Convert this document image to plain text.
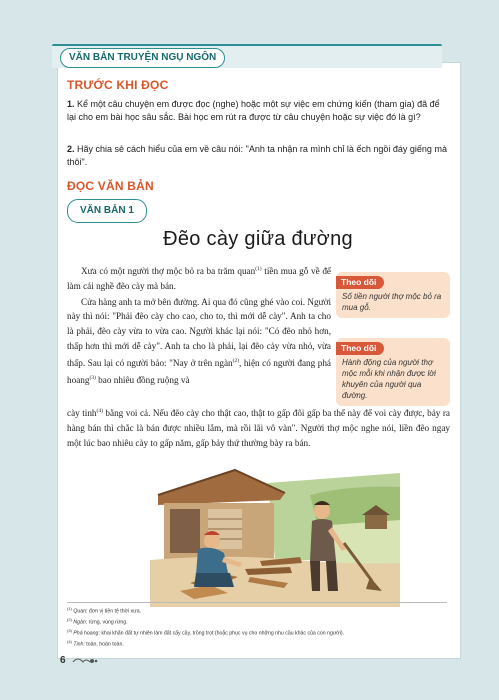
VĂN BẢN TRUYỆN NGỤ NGÔN
TRƯỚC KHI ĐỌC
1. Kể một câu chuyện em được đọc (nghe) hoặc một sự việc em chứng kiến (tham gia) đã để lại cho em bài học sâu sắc. Bài học em rút ra được từ câu chuyện hoặc sự việc đó là gì?
2. Hãy chia sẻ cách hiểu của em về câu nói: "Anh ta nhận ra mình chỉ là ếch ngồi đáy giếng mà thôi".
ĐỌC VĂN BẢN
VĂN BẢN 1
Đẽo cày giữa đường

Xưa có một người thợ mộc bỏ ra ba trăm quan$^{(1)}$ tiền mua gỗ về để làm cái nghề đẽo cày mà bán.

Cửa hàng anh ta mở bên đường. Ai qua đó cũng ghé vào coi. Người này thì nói: "Phải đẽo cày cho cao, cho to, thì mới dễ cày". Anh ta cho là phải, đẽo cày vừa to vừa cao. Người khác lại nói: "Có đẽo nhỏ hơn, thấp hơn thì mới dễ cày". Anh ta cho là phải, lại đẽo cày vừa nhỏ, vừa thấp. Sau lại có người bảo: "Nay ở trên ngàn$^{(2)}$, hiện có người đang phá hoang$^{(3)}$ bao nhiêu đồng ruộng và

cày tinh$^{(4)}$ bằng voi cả. Nếu đẽo cày cho thật cao, thật to gấp đôi gấp ba thế này để voi cày được, bảy ra hàng bán thì chắc là bán được nhiều lắm, mà rồi lãi vô vàn". Người thợ mộc nghe nói, liền đẽo ngay một lúc bao nhiêu cày to gấp năm, gấp bảy thứ thường bày ra bán.

Theo dõi
Số tiền người thợ mộc bỏ ra mua gỗ.
Theo dõi
Hành động của người thợ mộc mỗi khi nhận được lời khuyên của người qua đường.
$^{(1)}$ Quan: đơn vị tiền tệ thời xưa.
$^{(2)}$ Ngàn: rừng, vùng rừng.
$^{(3)}$ Phá hoang: khai khẩn đất tự nhiên làm đất cấy cầy, trồng trọt (hoặc phục vụ cho những nhu cầu khác của con người).
$^{(4)}$ Tinh: toàn, hoàn toàn.
6
